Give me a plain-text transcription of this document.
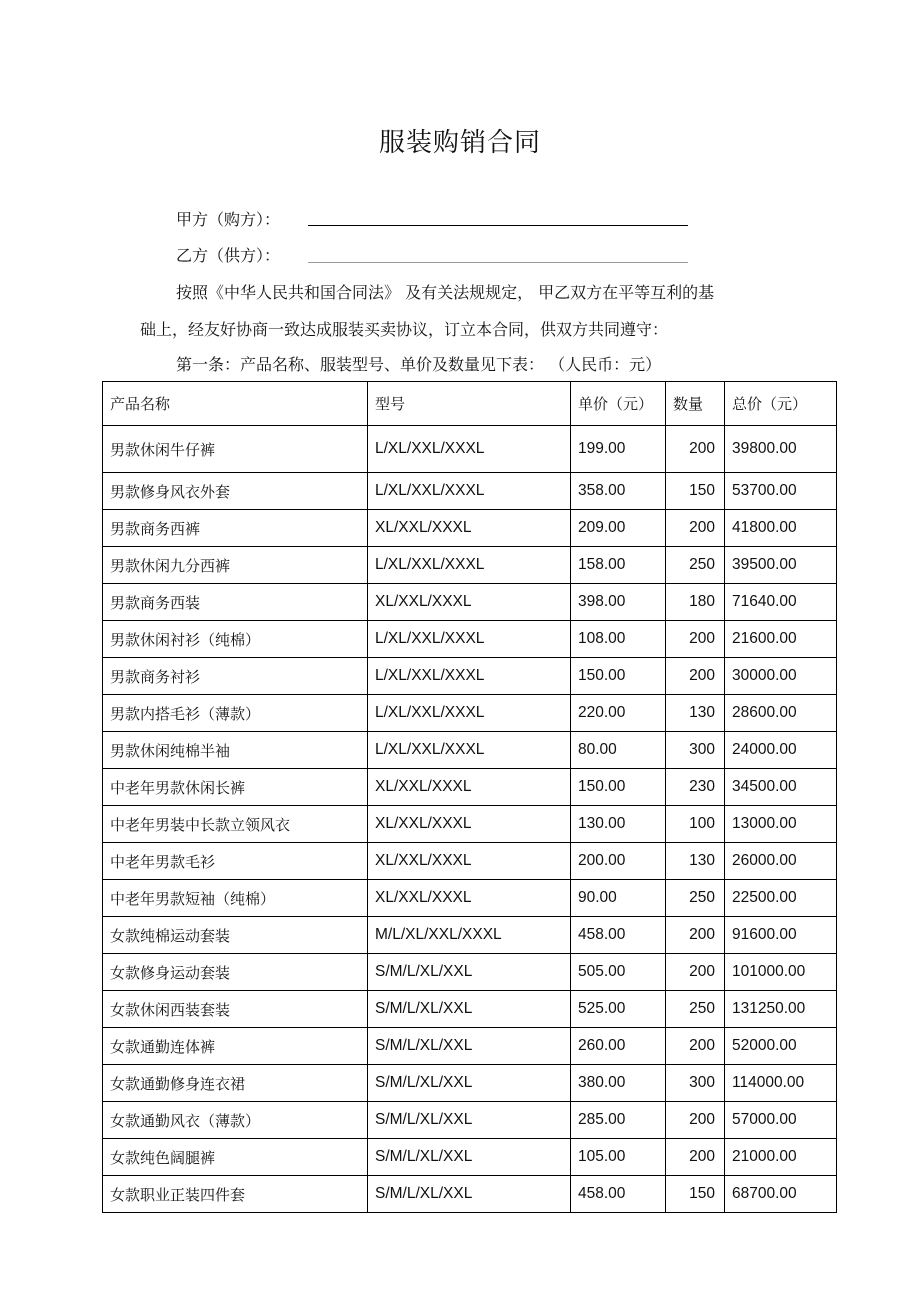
服装购销合同
甲方（购方）：
乙方（供方）：
按照《中华人民共和国合同法》 及有关法规规定， 甲乙双方在平等互利的基
础上，经友好协商一致达成服装买卖协议，订立本合同，供双方共同遵守：
第一条：产品名称、服装型号、单价及数量见下表： （人民币：元）
产品名称	型号	单价（元）	数量	总价（元）
男款休闲牛仔裤	L/XL/XXL/XXXL	199.00	200	39800.00
男款修身风衣外套	L/XL/XXL/XXXL	358.00	150	53700.00
男款商务西裤	XL/XXL/XXXL	209.00	200	41800.00
男款休闲九分西裤	L/XL/XXL/XXXL	158.00	250	39500.00
男款商务西装	XL/XXL/XXXL	398.00	180	71640.00
男款休闲衬衫（纯棉）	L/XL/XXL/XXXL	108.00	200	21600.00
男款商务衬衫	L/XL/XXL/XXXL	150.00	200	30000.00
男款内搭毛衫（薄款）	L/XL/XXL/XXXL	220.00	130	28600.00
男款休闲纯棉半袖	L/XL/XXL/XXXL	80.00	300	24000.00
中老年男款休闲长裤	XL/XXL/XXXL	150.00	230	34500.00
中老年男装中长款立领风衣	XL/XXL/XXXL	130.00	100	13000.00
中老年男款毛衫	XL/XXL/XXXL	200.00	130	26000.00
中老年男款短袖（纯棉）	XL/XXL/XXXL	90.00	250	22500.00
女款纯棉运动套装	M/L/XL/XXL/XXXL	458.00	200	91600.00
女款修身运动套装	S/M/L/XL/XXL	505.00	200	101000.00
女款休闲西装套装	S/M/L/XL/XXL	525.00	250	131250.00
女款通勤连体裤	S/M/L/XL/XXL	260.00	200	52000.00
女款通勤修身连衣裙	S/M/L/XL/XXL	380.00	300	114000.00
女款通勤风衣（薄款）	S/M/L/XL/XXL	285.00	200	57000.00
女款纯色阔腿裤	S/M/L/XL/XXL	105.00	200	21000.00
女款职业正装四件套	S/M/L/XL/XXL	458.00	150	68700.00
